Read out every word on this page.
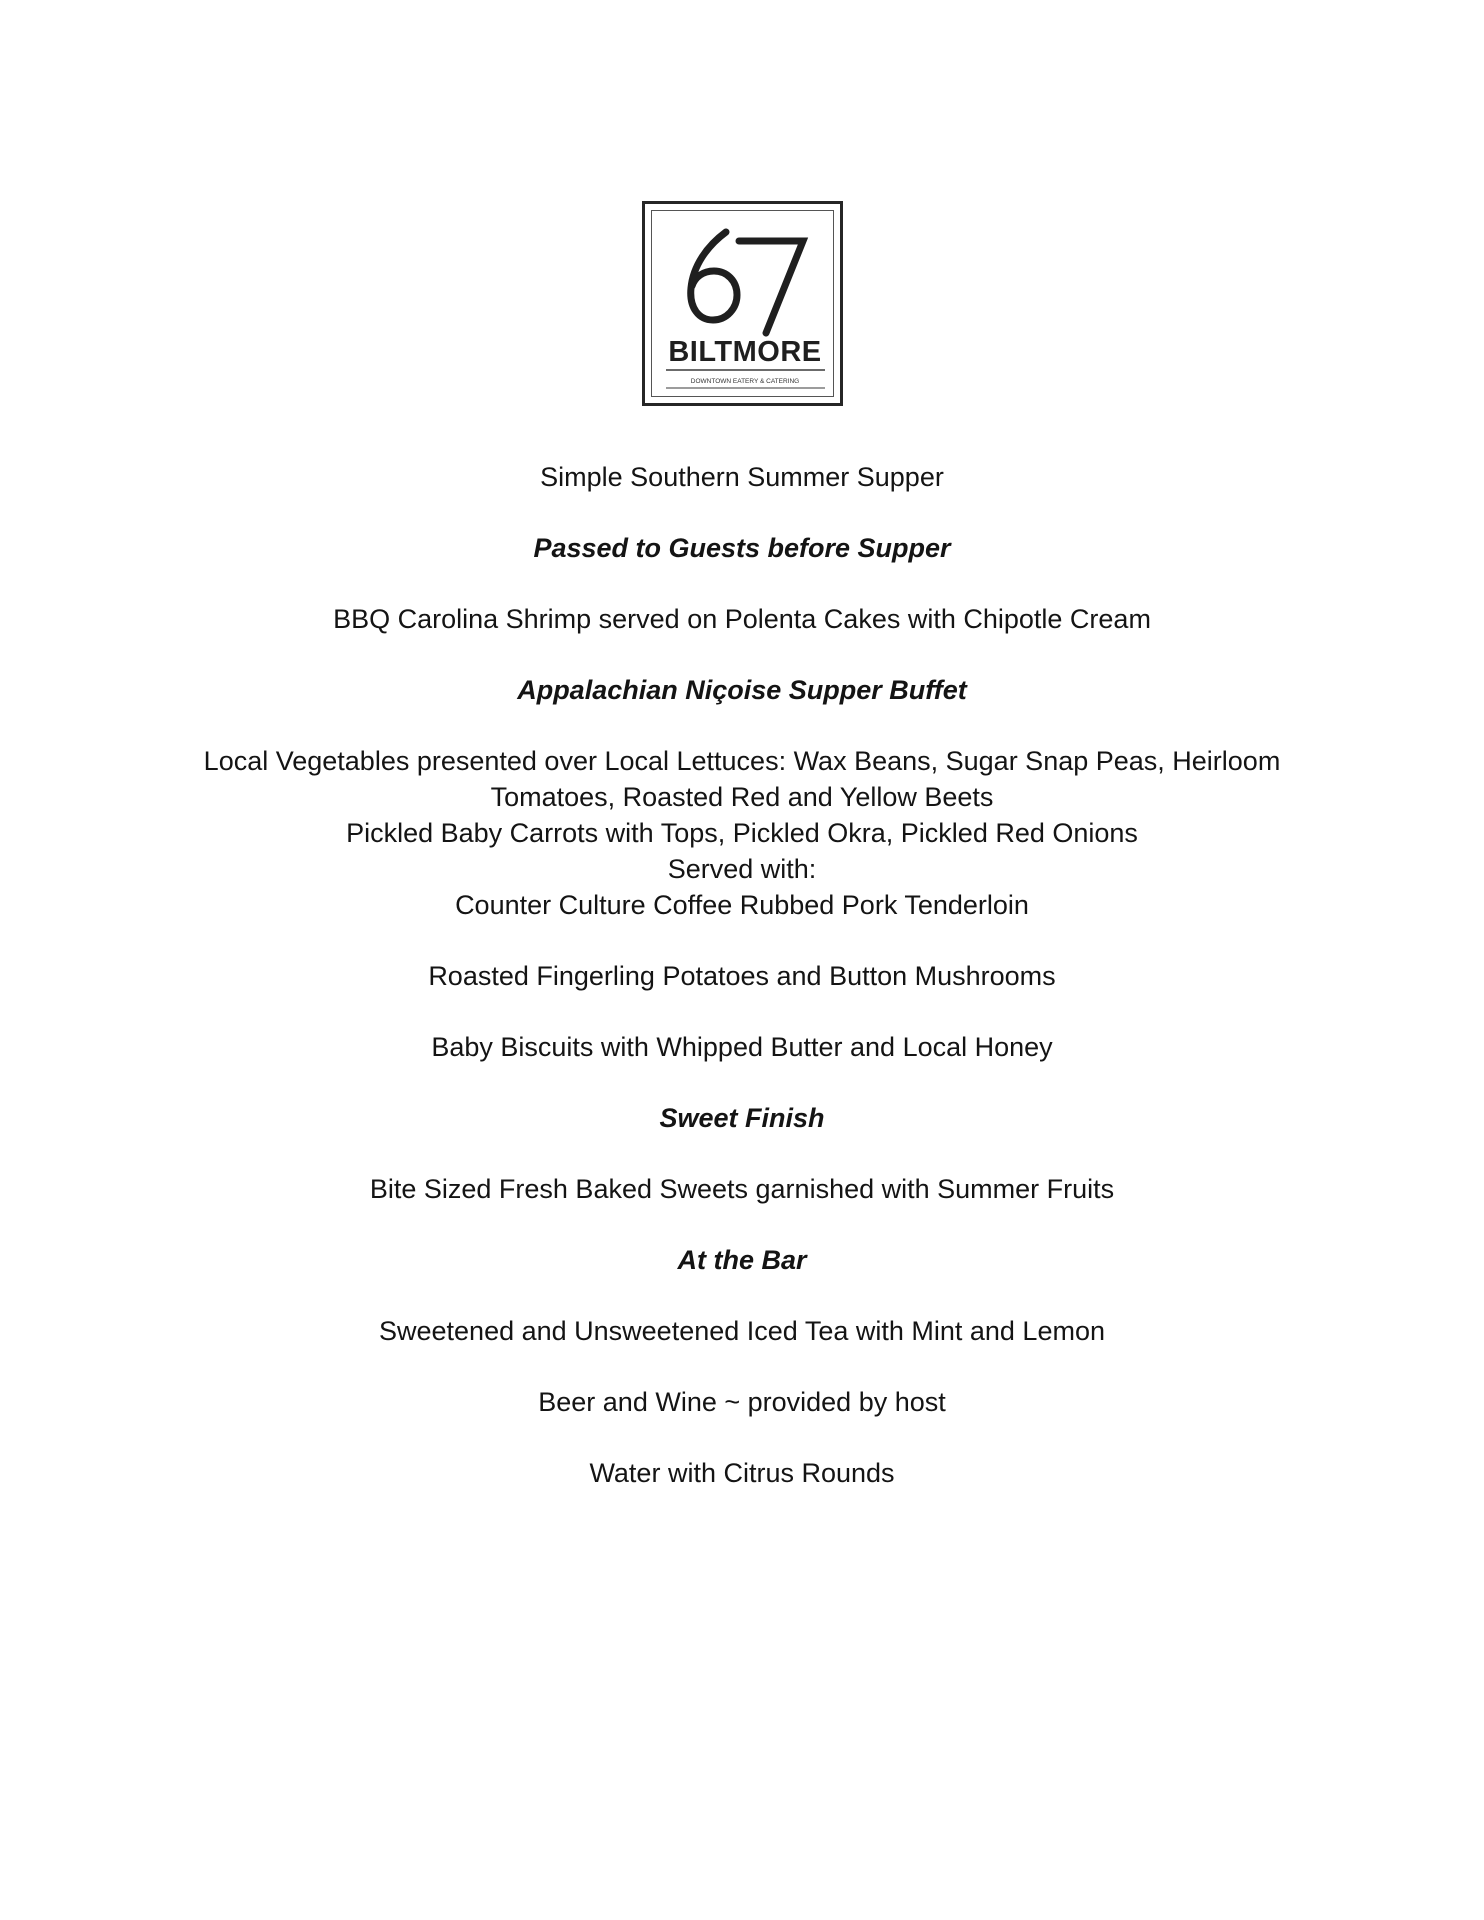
BILTMORE
DOWNTOWN EATERY & CATERING

Simple Southern Summer Supper

Passed to Guests before Supper

BBQ Carolina Shrimp served on Polenta Cakes with Chipotle Cream

Appalachian Niçoise Supper Buffet

Local Vegetables presented over Local Lettuces: Wax Beans, Sugar Snap Peas, Heirloom

Tomatoes, Roasted Red and Yellow Beets

Pickled Baby Carrots with Tops, Pickled Okra, Pickled Red Onions

Served with:

Counter Culture Coffee Rubbed Pork Tenderloin

Roasted Fingerling Potatoes and Button Mushrooms

Baby Biscuits with Whipped Butter and Local Honey

Sweet Finish

Bite Sized Fresh Baked Sweets garnished with Summer Fruits

At the Bar

Sweetened and Unsweetened Iced Tea with Mint and Lemon

Beer and Wine ~ provided by host

Water with Citrus Rounds
